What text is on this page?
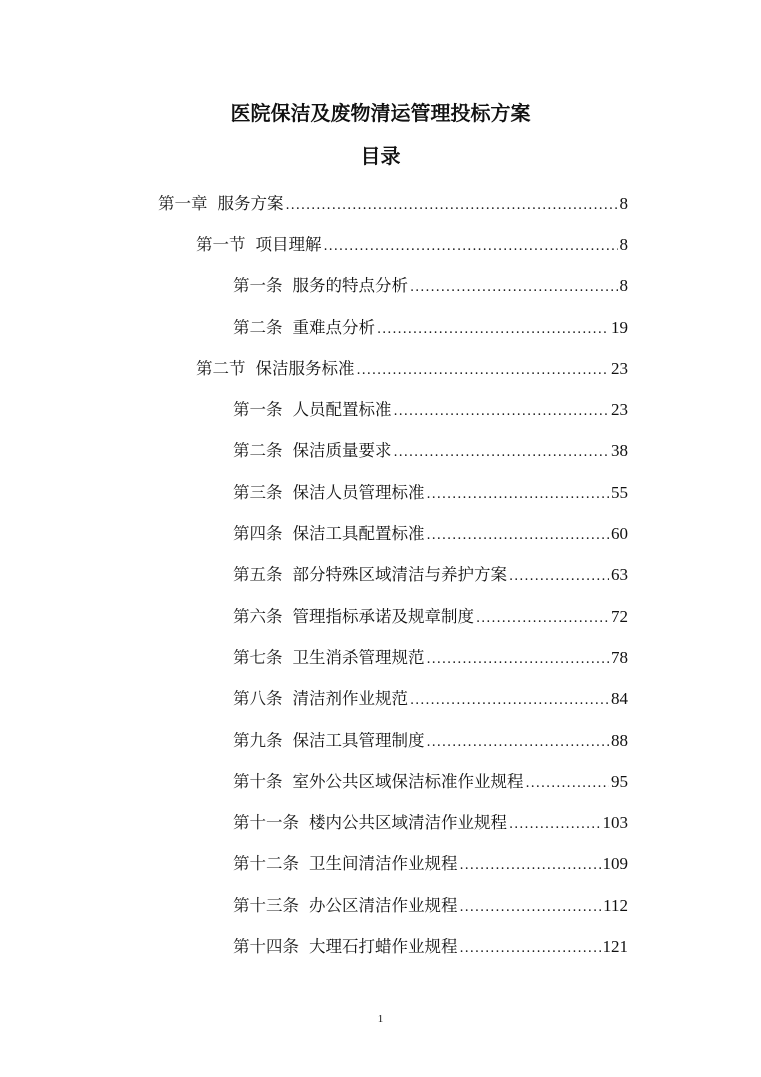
医院保洁及废物清运管理投标方案
目录
第一章 服务方案 .....	8
第一节 项目理解 .....	8
第一条 服务的特点分析 .....	8
第二条 重难点分析 .....	19
第二节 保洁服务标准 .....	23
第一条 人员配置标准 .....	23
第二条 保洁质量要求 .....	38
第三条 保洁人员管理标准 .....	55
第四条 保洁工具配置标准 .....	60
第五条 部分特殊区域清洁与养护方案 .....	63
第六条 管理指标承诺及规章制度 .....	72
第七条 卫生消杀管理规范 .....	78
第八条 清洁剂作业规范 .....	84
第九条 保洁工具管理制度 .....	88
第十条 室外公共区域保洁标准作业规程 .....	95
第十一条 楼内公共区域清洁作业规程 .....	103
第十二条 卫生间清洁作业规程 .....	109
第十三条 办公区清洁作业规程 .....	112
第十四条 大理石打蜡作业规程 .....	121
1
